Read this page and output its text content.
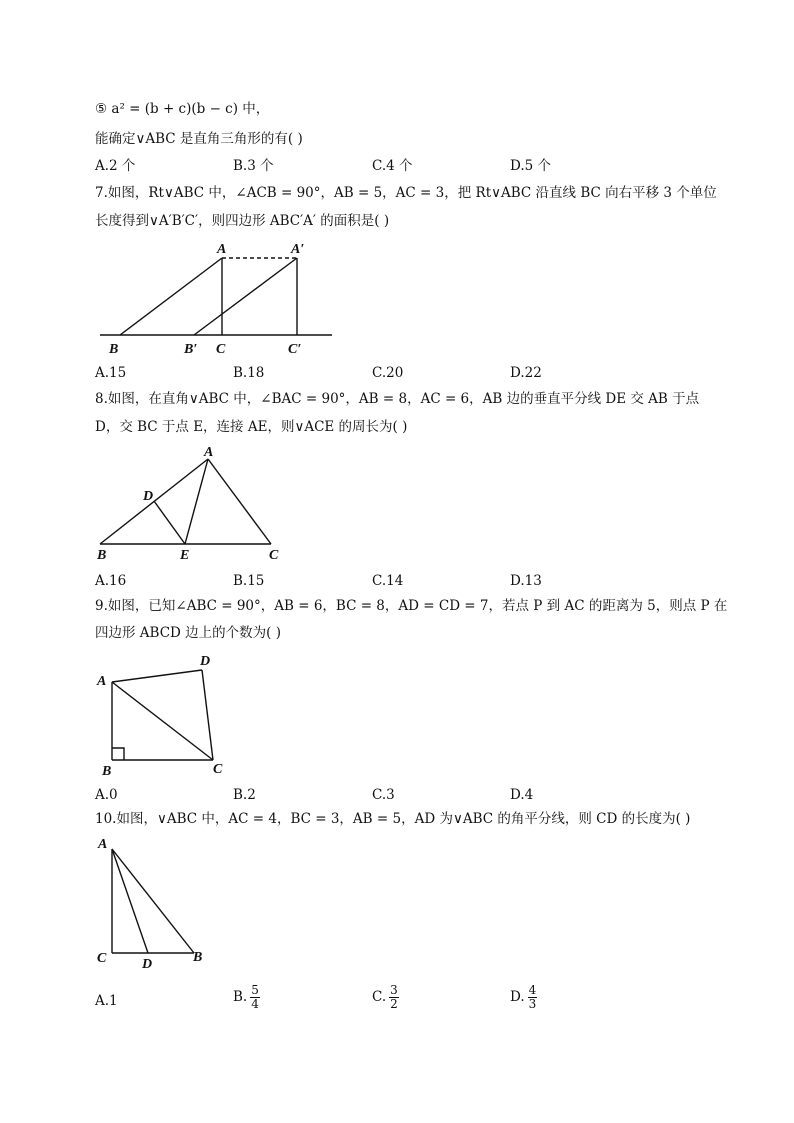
⑤ a² = (b + c)(b − c) 中，
能确定∨ABC 是直角三角形的有( )
A.2 个	B.3 个	C.4 个	D.5 个
7.如图，Rt∨ABC 中，∠ACB = 90°，AB = 5，AC = 3，把 Rt∨ABC 沿直线 BC 向右平移 3 个单位
长度得到∨A′B′C′，则四边形 ABC′A′ 的面积是( )
A	A′
B	B′ C	C′
A.15	B.18	C.20	D.22
8.如图，在直角∨ABC 中，∠BAC = 90°，AB = 8，AC = 6，AB 边的垂直平分线 DE 交 AB 于点
D，交 BC 于点 E，连接 AE，则∨ACE 的周长为( )
A
D
B	E	C
A.16	B.15	C.14	D.13
9.如图，已知∠ABC = 90°，AB = 6，BC = 8，AD = CD = 7，若点 P 到 AC 的距离为 5，则点 P 在
四边形 ABCD 边上的个数为( )
D
A
B	C
A.0	B.2	C.3	D.4
10.如图，∨ABC 中，AC = 4，BC = 3，AB = 5，AD 为∨ABC 的角平分线，则 CD 的长度为( )
A
C	D	B
A.1	B. $\frac{5}{4}$	C. $\frac{3}{2}$	D. $\frac{4}{3}$
